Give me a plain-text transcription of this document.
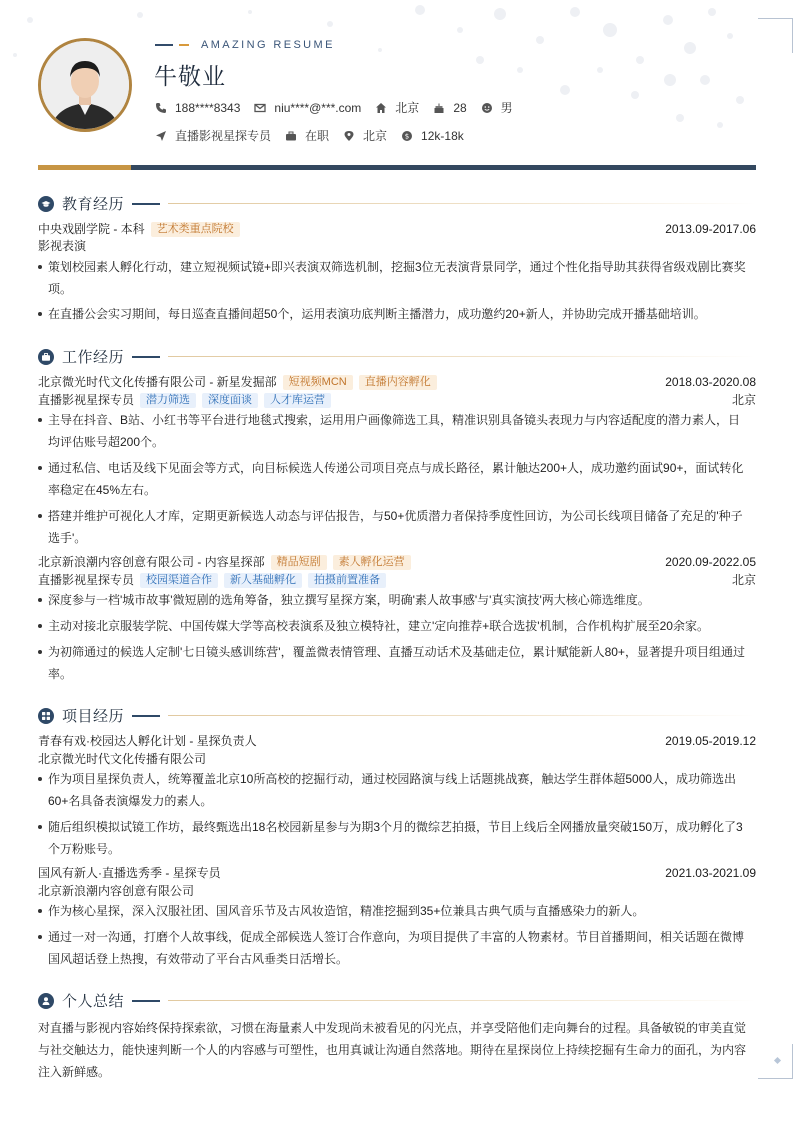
AMAZING RESUME
牛敬业
188****8343	niu****@***.com	北京	28	男
直播影视星探专员	在职	北京	$ 12k-18k
教育经历
中央戏剧学院 - 本科	艺术类重点院校	2013.09-2017.06
影视表演
策划校园素人孵化行动，建立短视频试镜+即兴表演双筛选机制，挖掘3位无表演背景同学，通过个性化指导助其获得省级戏剧比赛奖项。
在直播公会实习期间，每日巡查直播间超50个，运用表演功底判断主播潜力，成功邀约20+新人，并协助完成开播基础培训。
工作经历
北京微光时代文化传播有限公司 - 新星发掘部	短视频MCN	直播内容孵化	2018.03-2020.08
直播影视星探专员	潜力筛选	深度面谈	人才库运营	北京
主导在抖音、B站、小红书等平台进行地毯式搜索，运用用户画像筛选工具，精准识别具备镜头表现力与内容适配度的潜力素人，日均评估账号超200个。
通过私信、电话及线下见面会等方式，向目标候选人传递公司项目亮点与成长路径，累计触达200+人，成功邀约面试90+，面试转化率稳定在45%左右。
搭建并维护可视化人才库，定期更新候选人动态与评估报告，与50+优质潜力者保持季度性回访，为公司长线项目储备了充足的'种子选手'。
北京新浪潮内容创意有限公司 - 内容星探部	精品短剧	素人孵化运营	2020.09-2022.05
直播影视星探专员	校园渠道合作	新人基础孵化	拍摄前置准备	北京
深度参与一档'城市故事'微短剧的选角筹备，独立撰写星探方案，明确'素人故事感'与'真实演技'两大核心筛选维度。
主动对接北京服装学院、中国传媒大学等高校表演系及独立模特社，建立'定向推荐+联合选拔'机制，合作机构扩展至20余家。
为初筛通过的候选人定制'七日镜头感训练营'，覆盖微表情管理、直播互动话术及基础走位，累计赋能新人80+，显著提升项目组通过率。
项目经历
青春有戏·校园达人孵化计划 - 星探负责人	2019.05-2019.12
北京微光时代文化传播有限公司
作为项目星探负责人，统筹覆盖北京10所高校的挖掘行动，通过校园路演与线上话题挑战赛，触达学生群体超5000人，成功筛选出60+名具备表演爆发力的素人。
随后组织模拟试镜工作坊，最终甄选出18名校园新星参与为期3个月的微综艺拍摄，节目上线后全网播放量突破150万，成功孵化了3个万粉账号。
国风有新人·直播选秀季 - 星探专员	2021.03-2021.09
北京新浪潮内容创意有限公司
作为核心星探，深入汉服社团、国风音乐节及古风妆造馆，精准挖掘到35+位兼具古典气质与直播感染力的新人。
通过一对一沟通，打磨个人故事线，促成全部候选人签订合作意向，为项目提供了丰富的人物素材。节目首播期间，相关话题在微博国风超话登上热搜，有效带动了平台古风垂类日活增长。
个人总结
对直播与影视内容始终保持探索欲，习惯在海量素人中发现尚未被看见的闪光点，并享受陪他们走向舞台的过程。具备敏锐的审美直觉与社交触达力，能快速判断一个人的内容感与可塑性，也用真诚让沟通自然落地。期待在星探岗位上持续挖掘有生命力的面孔，为内容注入新鲜感。
